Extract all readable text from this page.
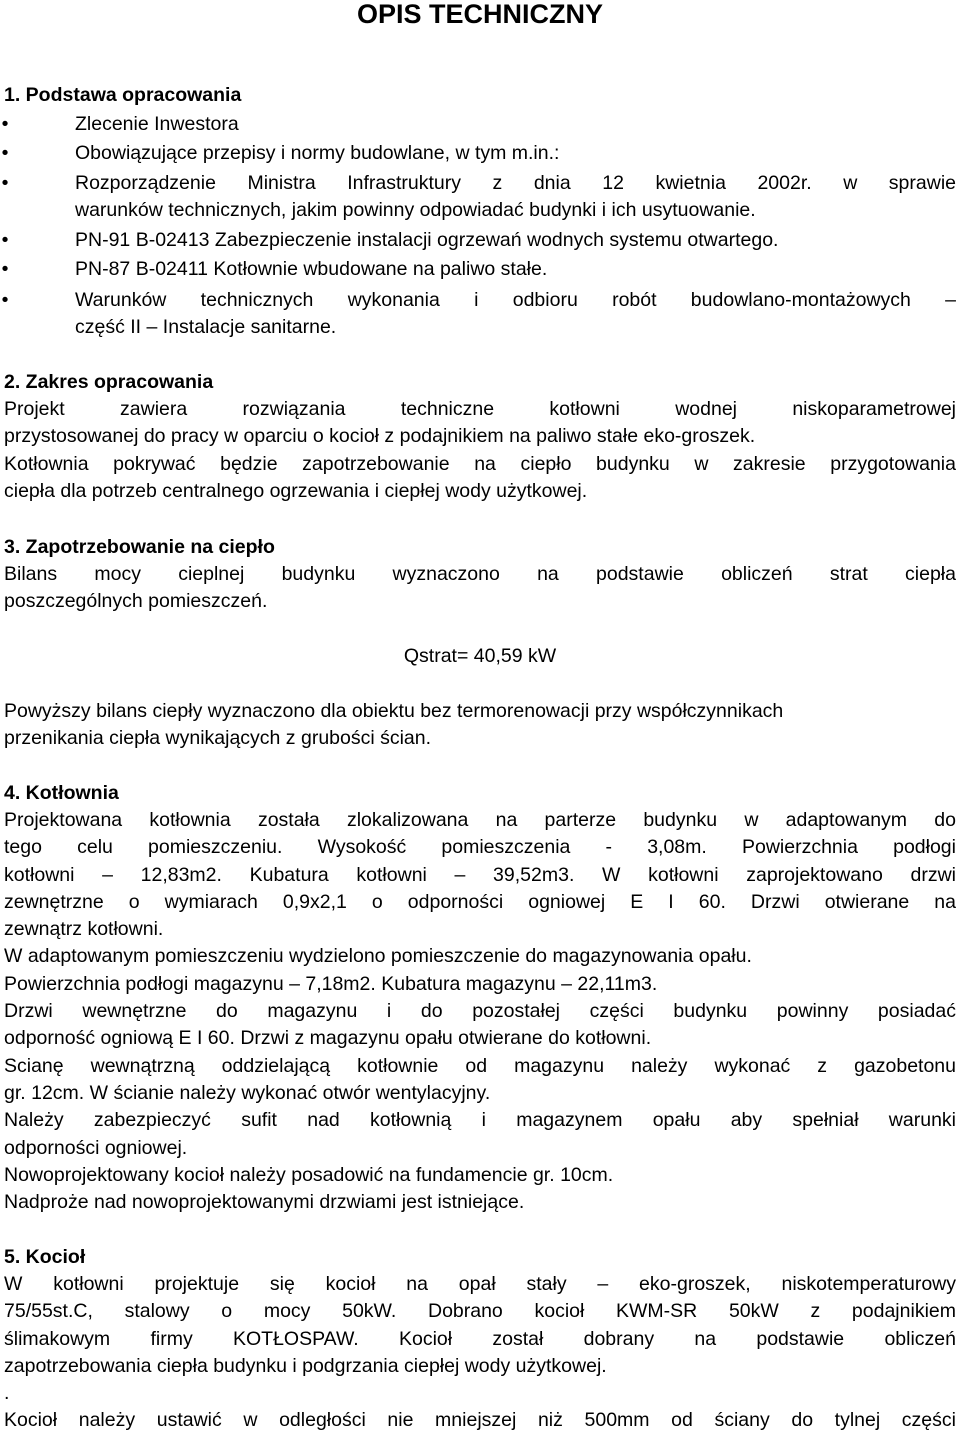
OPIS TECHNICZNY
1. Podstawa opracowania
•	Zlecenie Inwestora
•	Obowiązujące przepisy i normy budowlane, w tym m.in.:
•	Rozporządzenie Ministra Infrastruktury z dnia 12 kwietnia 2002r. w sprawie
warunków technicznych, jakim powinny odpowiadać budynki i ich usytuowanie.
•	PN-91 B-02413 Zabezpieczenie instalacji ogrzewań wodnych systemu otwartego.
•	PN-87 B-02411 Kotłownie wbudowane na paliwo stałe.
•	Warunków technicznych wykonania i odbioru robót budowlano-montażowych –
część II – Instalacje sanitarne.
2. Zakres opracowania
Projekt zawiera rozwiązania techniczne kotłowni wodnej niskoparametrowej
przystosowanej do pracy w oparciu o kocioł z podajnikiem na paliwo stałe eko-groszek.
Kotłownia pokrywać będzie zapotrzebowanie na ciepło budynku w zakresie przygotowania
ciepła dla potrzeb centralnego ogrzewania i ciepłej wody użytkowej.
3. Zapotrzebowanie na ciepło
Bilans mocy cieplnej budynku wyznaczono na podstawie obliczeń strat ciepła
poszczególnych pomieszczeń.
Qstrat= 40,59 kW
Powyższy bilans ciepły wyznaczono dla obiektu bez termorenowacji przy współczynnikach
przenikania ciepła wynikających z grubości ścian.
4. Kotłownia
Projektowana kotłownia została zlokalizowana na parterze budynku w adaptowanym do
tego celu pomieszczeniu. Wysokość pomieszczenia - 3,08m. Powierzchnia podłogi
kotłowni – 12,83m2. Kubatura kotłowni – 39,52m3. W kotłowni zaprojektowano drzwi
zewnętrzne o wymiarach 0,9x2,1 o odporności ogniowej E I 60. Drzwi otwierane na
zewnątrz kotłowni.
W adaptowanym pomieszczeniu wydzielono pomieszczenie do magazynowania opału.
Powierzchnia podłogi magazynu – 7,18m2. Kubatura magazynu – 22,11m3.
Drzwi wewnętrzne do magazynu i do pozostałej części budynku powinny posiadać
odporność ogniową E I 60. Drzwi z magazynu opału otwierane do kotłowni.
Scianę wewnątrzną oddzielającą kotłownie od magazynu należy wykonać z gazobetonu
gr. 12cm. W ścianie należy wykonać otwór wentylacyjny.
Należy zabezpieczyć sufit nad kotłownią i magazynem opału aby spełniał warunki
odporności ogniowej.
Nowoprojektowany kocioł należy posadowić na fundamencie gr. 10cm.
Nadproże nad nowoprojektowanymi drzwiami jest istniejące.
5. Kocioł
W kotłowni projektuje się kocioł na opał stały – eko-groszek, niskotemperaturowy
75/55st.C, stalowy o mocy 50kW. Dobrano kocioł KWM-SR 50kW z podajnikiem
ślimakowym firmy KOTŁOSPAW. Kocioł został dobrany na podstawie obliczeń
zapotrzebowania ciepła budynku i podgrzania ciepłej wody użytkowej.
.
Kocioł należy ustawić w odległości nie mniejszej niż 500mm od ściany do tylnej części
